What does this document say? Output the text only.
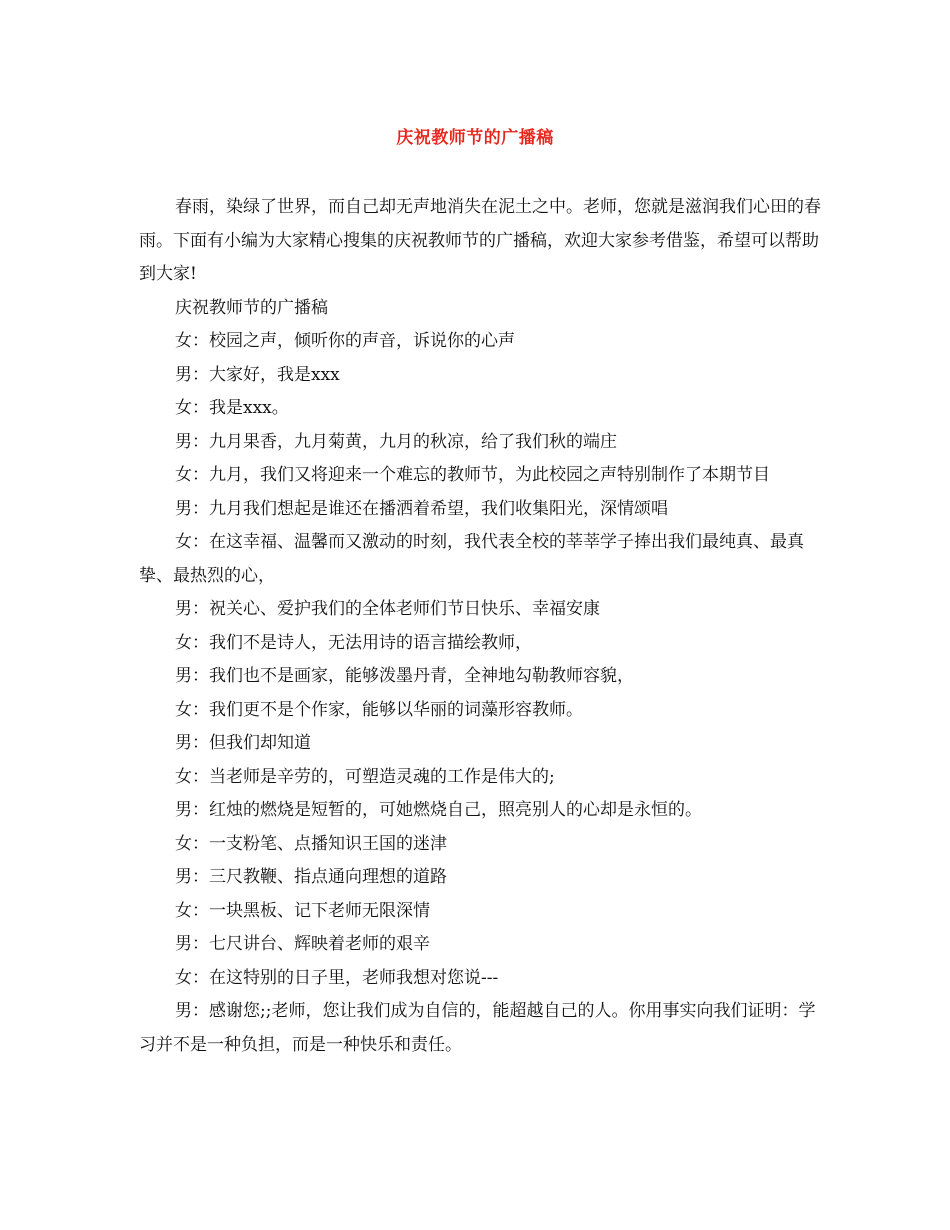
庆祝教师节的广播稿

春雨，染绿了世界，而自己却无声地消失在泥土之中。老师，您就是滋润我们心田的春雨。下面有小编为大家精心搜集的庆祝教师节的广播稿，欢迎大家参考借鉴，希望可以帮助到大家!

庆祝教师节的广播稿

女：校园之声，倾听你的声音，诉说你的心声

男：大家好，我是xxx

女：我是xxx。

男：九月果香，九月菊黄，九月的秋凉，给了我们秋的端庄

女：九月，我们又将迎来一个难忘的教师节，为此校园之声特别制作了本期节目

男：九月我们想起是谁还在播洒着希望，我们收集阳光，深情颂唱

女：在这幸福、温馨而又激动的时刻，我代表全校的莘莘学子捧出我们最纯真、最真挚、最热烈的心，

男：祝关心、爱护我们的全体老师们节日快乐、幸福安康

女：我们不是诗人，无法用诗的语言描绘教师，

男：我们也不是画家，能够泼墨丹青，全神地勾勒教师容貌，

女：我们更不是个作家，能够以华丽的词藻形容教师。

男：但我们却知道

女：当老师是辛劳的，可塑造灵魂的工作是伟大的;

男：红烛的燃烧是短暂的，可她燃烧自己，照亮别人的心却是永恒的。

女：一支粉笔、点播知识王国的迷津

男：三尺教鞭、指点通向理想的道路

女：一块黑板、记下老师无限深情

男：七尺讲台、辉映着老师的艰辛

女：在这特别的日子里，老师我想对您说---

男：感谢您;;老师，您让我们成为自信的，能超越自己的人。你用事实向我们证明：学习并不是一种负担，而是一种快乐和责任。
